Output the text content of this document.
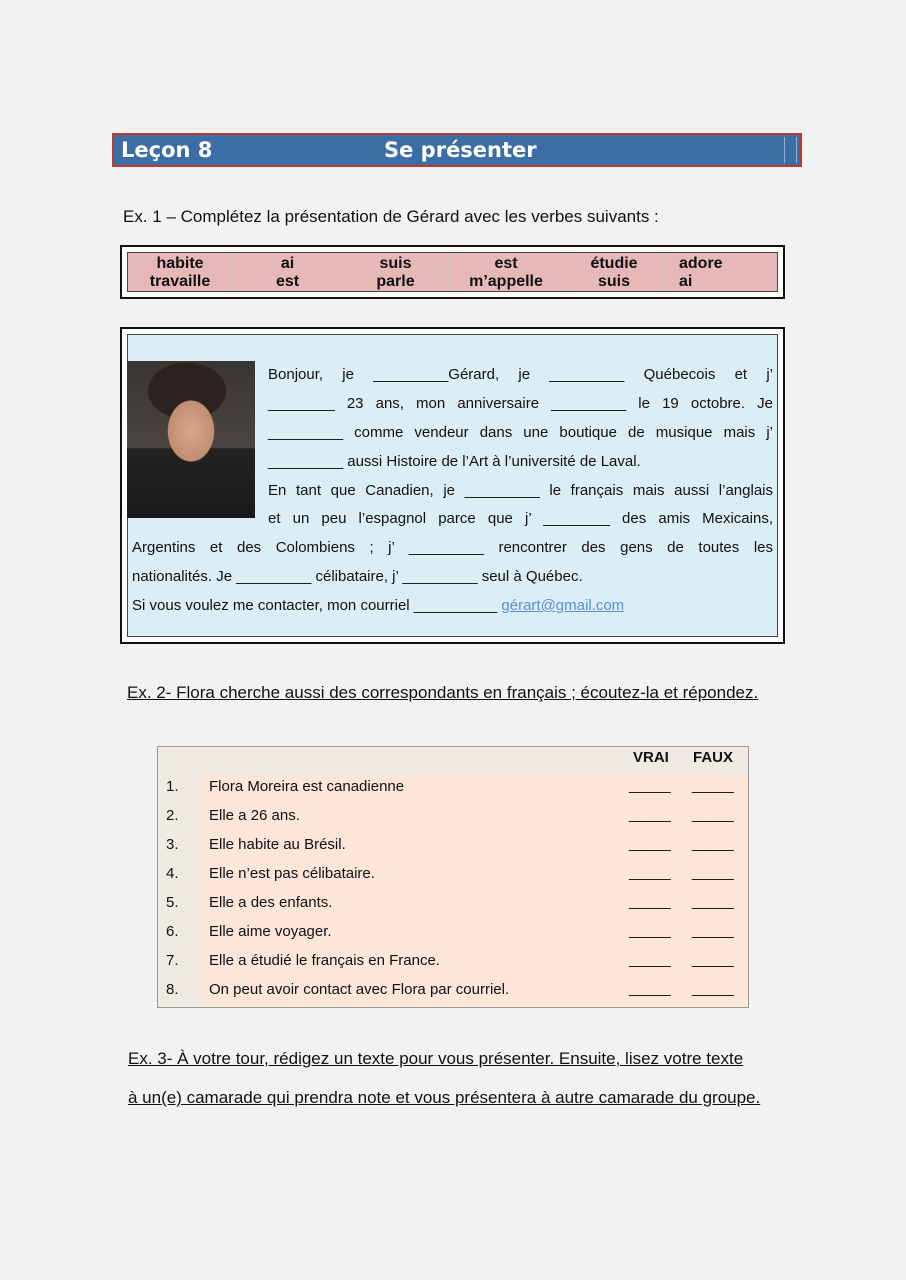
Leçon 8	Se présenter
Ex. 1 – Complétez la présentation de Gérard avec les verbes suivants :
habite	ai	suis	est	étudie	adore
travaille	est	parle	m’appelle	suis	ai
Bonjour, je _________Gérard, je _________ Québecois et j’
________ 23 ans, mon anniversaire _________ le 19 octobre. Je
_________ comme vendeur dans une boutique de musique mais j’
_________ aussi Histoire de l’Art à l’université de Laval.
En tant que Canadien, je _________ le français mais aussi l’anglais
et un peu l’espagnol parce que j’ ________ des amis Mexicains,
Argentins et des Colombiens ; j’ _________ rencontrer des gens de toutes les
nationalités. Je _________ célibataire, j’ _________ seul à Québec.
Si vous voulez me contacter, mon courriel __________ gérart@gmail.com
Ex. 2- Flora cherche aussi des correspondants en français ; écoutez-la et répondez.
VRAI FAUX
1. Flora Moreira est canadienne	_____ _____
2. Elle a 26 ans.	_____ _____
3. Elle habite au Brésil.	_____ _____
4. Elle n’est pas célibataire.	_____ _____
5. Elle a des enfants.	_____ _____
6. Elle aime voyager.	_____ _____
7. Elle a étudié le français en France.	_____ _____
8. On peut avoir contact avec Flora par courriel.	_____ _____
Ex. 3- À votre tour, rédigez un texte pour vous présenter. Ensuite, lisez votre texte
à un(e) camarade qui prendra note et vous présentera à autre camarade du groupe.
